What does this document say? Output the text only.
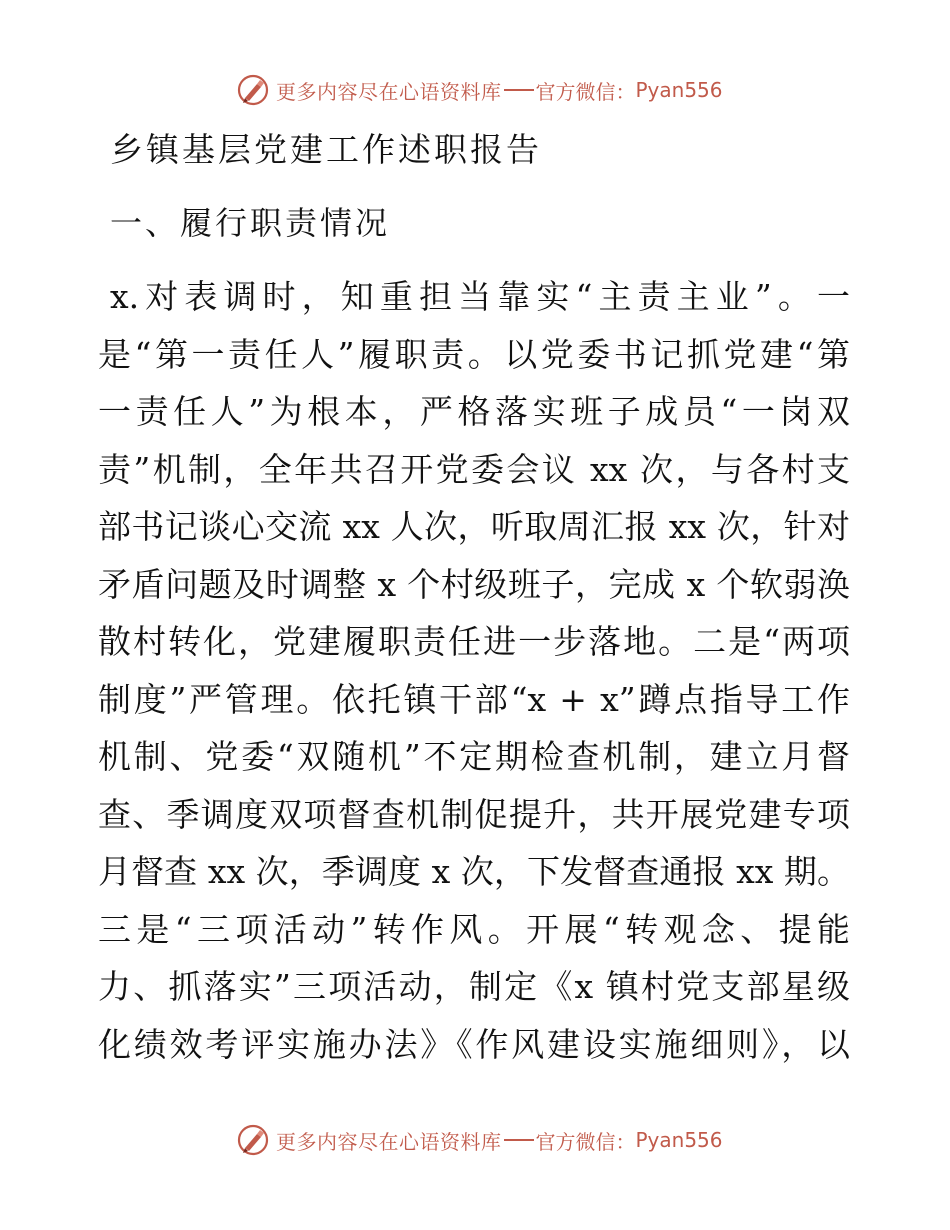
更多内容尽在心语资料库 官方微信： Pyan556
乡镇基层党建工作述职报告
一、履行职责情况
x.对表调时，知重担当靠实“主责主业”。一
是“第一责任人”履职责。以党委书记抓党建“第
一责任人”为根本，严格落实班子成员“一岗双
责”机制，全年共召开党委会议 xx 次，与各村支
部书记谈心交流 xx 人次，听取周汇报 xx 次，针对
矛盾问题及时调整 x 个村级班子，完成 x 个软弱涣
散村转化，党建履职责任进一步落地。二是“两项
制度”严管理。依托镇干部“x + x”蹲点指导工作
机制、党委“双随机”不定期检查机制，建立月督
查、季调度双项督查机制促提升，共开展党建专项
月督查 xx 次，季调度 x 次，下发督查通报 xx 期。
三是“三项活动”转作风。开展“转观念、提能
力、抓落实”三项活动，制定《x 镇村党支部星级
化绩效考评实施办法》《作风建设实施细则》，以
更多内容尽在心语资料库 官方微信： Pyan556
